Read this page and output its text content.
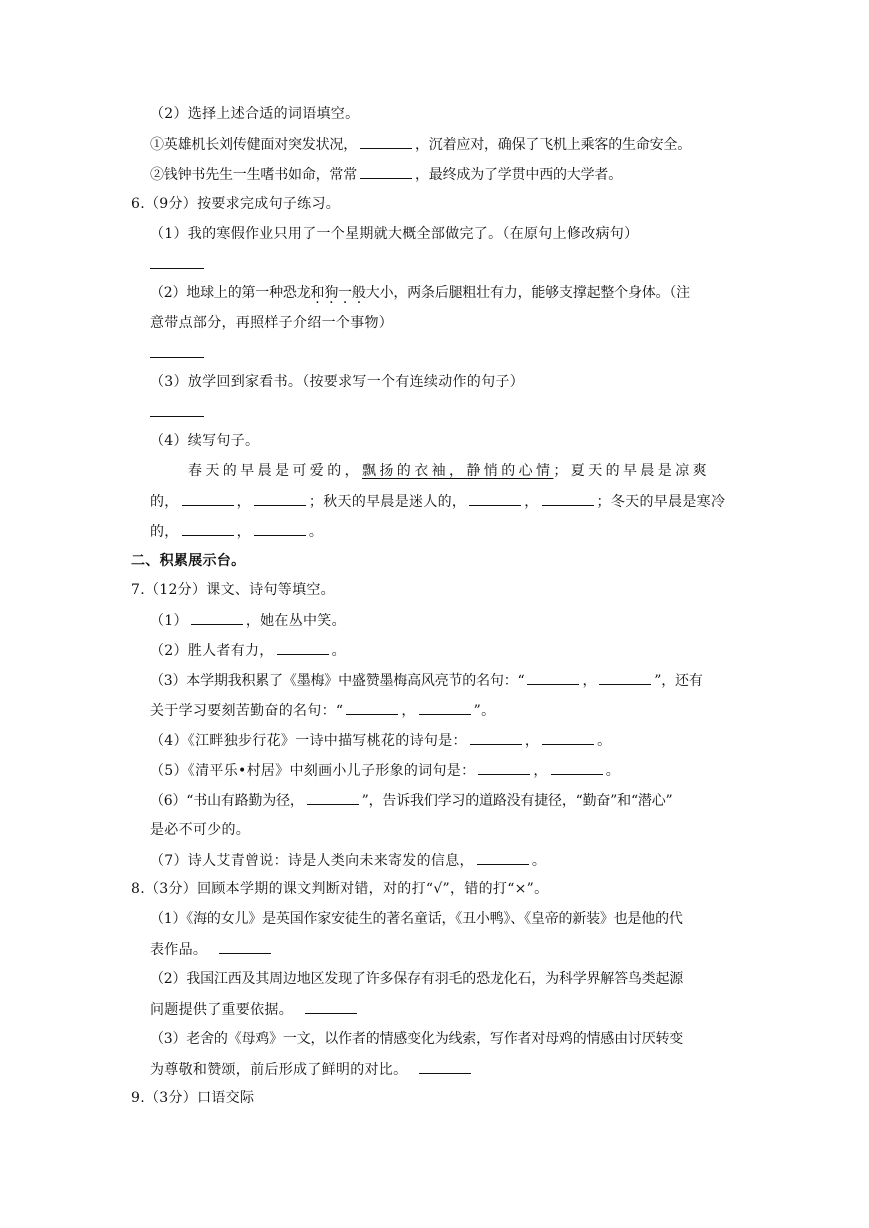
（2）选择上述合适的词语填空。
①英雄机长刘传健面对突发状况，	，沉着应对，确保了飞机上乘客的生命安全。
②钱钟书先生一生嗜书如命，常常	，最终成为了学贯中西的大学者。
6.（9分）按要求完成句子练习。
（1）我的寒假作业只用了一个星期就大概全部做完了。（在原句上修改病句）
（2）地球上的第一种恐龙和狗一般大小，两条后腿粗壮有力，能够支撑起整个身体。（注
意带点部分，再照样子介绍一个事物）
（3）放学回到家看书。（按要求写一个有连续动作的句子）
（4）续写句子。
春天的早晨是可爱的，飘扬的衣袖，静悄的心情；夏天的早晨是凉爽
的，	，	；秋天的早晨是迷人的，	，	；冬天的早晨是寒冷
的，	，	。
二、积累展示台。
7.（12分）课文、诗句等填空。
（1）	，她在丛中笑。
（2）胜人者有力，	。
（3）本学期我积累了《墨梅》中盛赞墨梅高风亮节的名句：“	，	”，还有
关于学习要刻苦勤奋的名句：“	，	”。
（4）《江畔独步行花》一诗中描写桃花的诗句是：	，	。
（5）《清平乐•村居》中刻画小儿子形象的词句是：	，	。
（6）“书山有路勤为径，	”，告诉我们学习的道路没有捷径，“勤奋”和“潜心”
是必不可少的。
（7）诗人艾青曾说：诗是人类向未来寄发的信息，	。
8.（3分）回顾本学期的课文判断对错，对的打“√”，错的打“×”。
（1）《海的女儿》是英国作家安徒生的著名童话，《丑小鸭》、《皇帝的新装》也是他的代
表作品。
（2）我国江西及其周边地区发现了许多保存有羽毛的恐龙化石，为科学界解答鸟类起源
问题提供了重要依据。
（3）老舍的《母鸡》一文，以作者的情感变化为线索，写作者对母鸡的情感由讨厌转变
为尊敬和赞颂，前后形成了鲜明的对比。
9.（3分）口语交际
